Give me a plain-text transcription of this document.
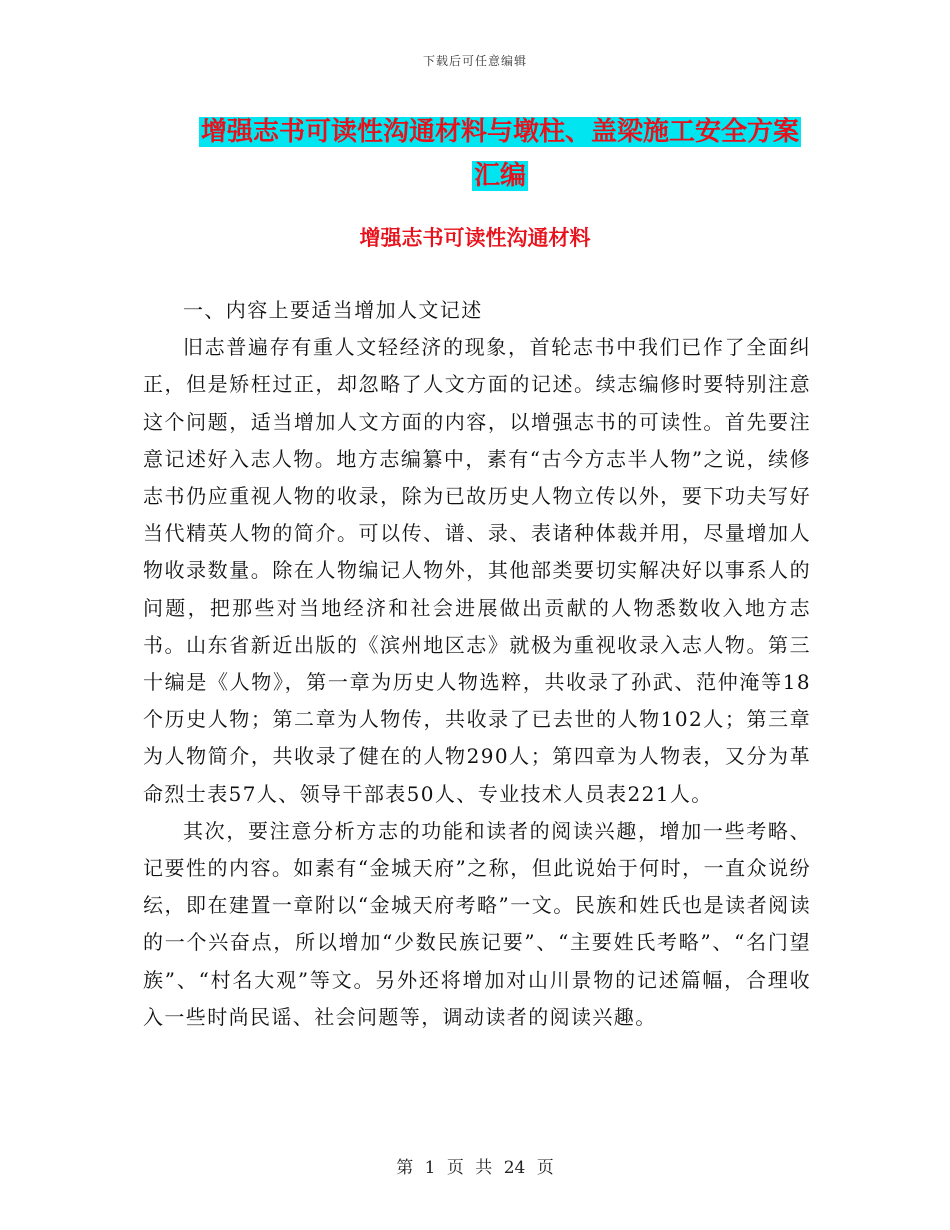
下载后可任意编辑
增强志书可读性沟通材料与墩柱、盖梁施工安全方案
汇编
增强志书可读性沟通材料

一、内容上要适当增加人文记述

旧志普遍存有重人文轻经济的现象，首轮志书中我们已作了全面纠正，但是矫枉过正，却忽略了人文方面的记述。续志编修时要特别注意这个问题，适当增加人文方面的内容，以增强志书的可读性。首先要注意记述好入志人物。地方志编纂中，素有“古今方志半人物”之说，续修志书仍应重视人物的收录，除为已故历史人物立传以外，要下功夫写好当代精英人物的简介。可以传、谱、录、表诸种体裁并用，尽量增加人物收录数量。除在人物编记人物外，其他部类要切实解决好以事系人的问题，把那些对当地经济和社会进展做出贡献的人物悉数收入地方志书。山东省新近出版的《滨州地区志》就极为重视收录入志人物。第三十编是《人物》，第一章为历史人物选粹，共收录了孙武、范仲淹等18个历史人物；第二章为人物传，共收录了已去世的人物102人；第三章为人物简介，共收录了健在的人物290人；第四章为人物表，又分为革命烈士表57人、领导干部表50人、专业技术人员表221人。

其次，要注意分析方志的功能和读者的阅读兴趣，增加一些考略、记要性的内容。如素有“金城天府”之称，但此说始于何时，一直众说纷纭，即在建置一章附以“金城天府考略”一文。民族和姓氏也是读者阅读的一个兴奋点，所以增加“少数民族记要”、“主要姓氏考略”、“名门望族”、“村名大观”等文。另外还将增加对山川景物的记述篇幅，合理收入一些时尚民谣、社会问题等，调动读者的阅读兴趣。

第 1 页 共 24 页
